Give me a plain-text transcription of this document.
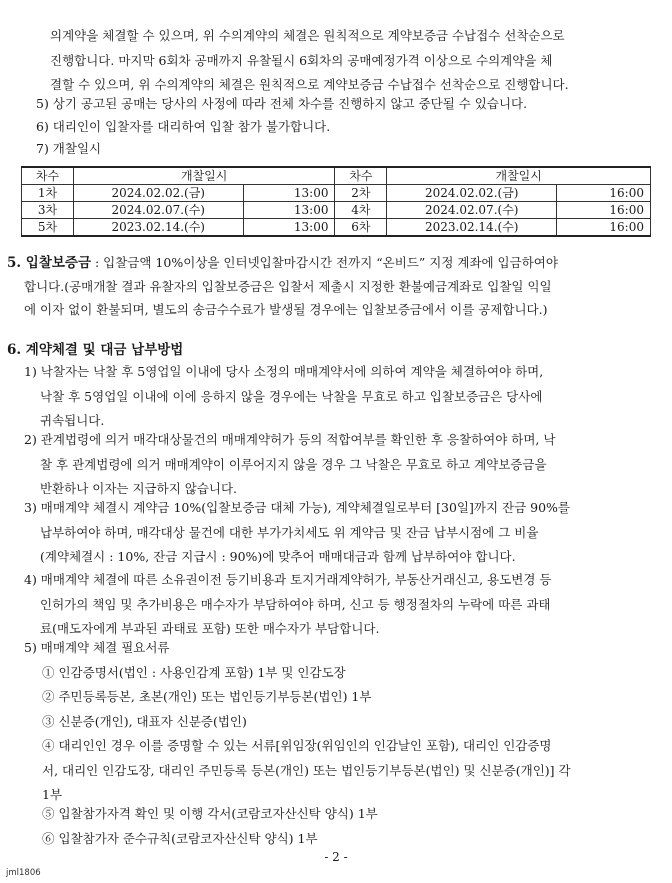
의계약을 체결할 수 있으며, 위 수의계약의 체결은 원칙적으로 계약보증금 수납접수 선착순으로
진행합니다. 마지막 6회차 공매까지 유찰될시 6회차의 공매예정가격 이상으로 수의계약을 체
결할 수 있으며, 위 수의계약의 체결은 원칙적으로 계약보증금 수납접수 선착순으로 진행합니다.
5) 상기 공고된 공매는 당사의 사정에 따라 전체 차수를 진행하지 않고 중단될 수 있습니다.
6) 대리인이 입찰자를 대리하여 입찰 참가 불가합니다.
7) 개찰일시
차수	개찰일시		차수	개찰일시	
1차	2024.02.02.(금)	13:00	2차	2024.02.02.(금)	16:00
3차	2024.02.07.(수)	13:00	4차	2024.02.07.(수)	16:00
5차	2023.02.14.(수)	13:00	6차	2023.02.14.(수)	16:00
5. 입찰보증금 : 입찰금액 10%이상을 인터넷입찰마감시간 전까지 “온비드” 지정 계좌에 입금하여야
합니다.(공매개찰 결과 유찰자의 입찰보증금은 입찰서 제출시 지정한 환불예금계좌로 입찰일 익일
에 이자 없이 환불되며, 별도의 송금수수료가 발생될 경우에는 입찰보증금에서 이를 공제합니다.)
6. 계약체결 및 대금 납부방법
1) 낙찰자는 낙찰 후 5영업일 이내에 당사 소정의 매매계약서에 의하여 계약을 체결하여야 하며,
낙찰 후 5영업일 이내에 이에 응하지 않을 경우에는 낙찰을 무효로 하고 입찰보증금은 당사에
귀속됩니다.
2) 관계법령에 의거 매각대상물건의 매매계약허가 등의 적합여부를 확인한 후 응찰하여야 하며, 낙
찰 후 관계법령에 의거 매매계약이 이루어지지 않을 경우 그 낙찰은 무효로 하고 계약보증금을
반환하나 이자는 지급하지 않습니다.
3) 매매계약 체결시 계약금 10%(입찰보증금 대체 가능), 계약체결일로부터 [30일]까지 잔금 90%를
납부하여야 하며, 매각대상 물건에 대한 부가가치세도 위 계약금 및 잔금 납부시점에 그 비율
(계약체결시 : 10%, 잔금 지급시 : 90%)에 맞추어 매매대금과 함께 납부하여야 합니다.
4) 매매계약 체결에 따른 소유권이전 등기비용과 토지거래계약허가, 부동산거래신고, 용도변경 등
인허가의 책임 및 추가비용은 매수자가 부담하여야 하며, 신고 등 행정절차의 누락에 따른 과태
료(매도자에게 부과된 과태료 포함) 또한 매수자가 부담합니다.
5) 매매계약 체결 필요서류
① 인감증명서(법인 : 사용인감계 포함) 1부 및 인감도장
② 주민등록등본, 초본(개인) 또는 법인등기부등본(법인) 1부
③ 신분증(개인), 대표자 신분증(법인)
④ 대리인인 경우 이를 증명할 수 있는 서류[위임장(위임인의 인감날인 포함), 대리인 인감증명
서, 대리인 인감도장, 대리인 주민등록 등본(개인) 또는 법인등기부등본(법인) 및 신분증(개인)] 각
1부
⑤ 입찰참가자격 확인 및 이행 각서(코람코자산신탁 양식) 1부
⑥ 입찰참가자 준수규칙(코람코자산신탁 양식) 1부
- 2 -
jml1806
